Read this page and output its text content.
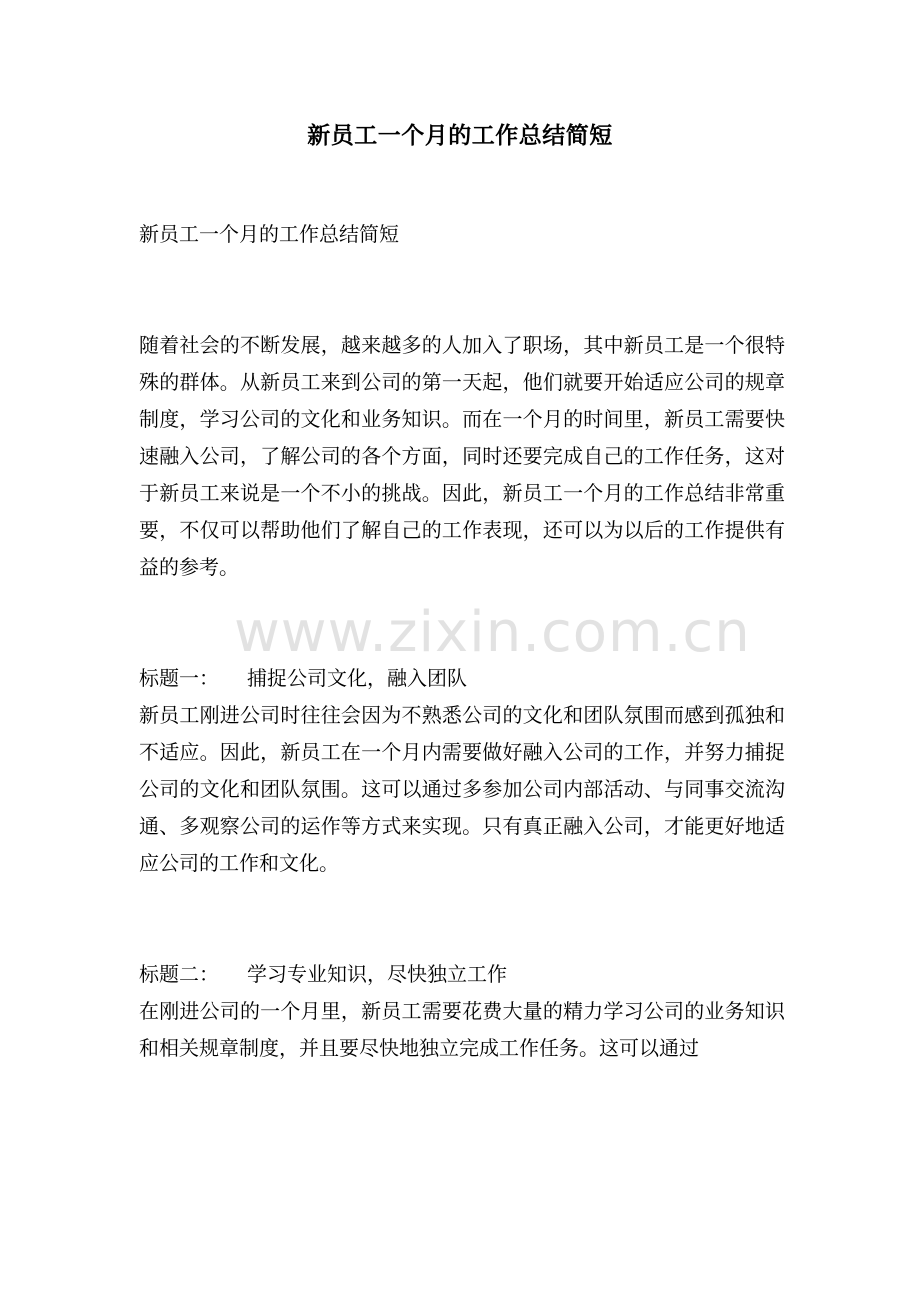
新员工一个月的工作总结简短

新员工一个月的工作总结简短

随着社会的不断发展，越来越多的人加入了职场，其中新员工是一个很特殊的群体。从新员工来到公司的第一天起，他们就要开始适应公司的规章制度，学习公司的文化和业务知识。而在一个月的时间里，新员工需要快速融入公司，了解公司的各个方面，同时还要完成自己的工作任务，这对于新员工来说是一个不小的挑战。因此，新员工一个月的工作总结非常重要，不仅可以帮助他们了解自己的工作表现，还可以为以后的工作提供有益的参考。

标题一： 捕捉公司文化，融入团队

新员工刚进公司时往往会因为不熟悉公司的文化和团队氛围而感到孤独和不适应。因此，新员工在一个月内需要做好融入公司的工作，并努力捕捉公司的文化和团队氛围。这可以通过多参加公司内部活动、与同事交流沟通、多观察公司的运作等方式来实现。只有真正融入公司，才能更好地适应公司的工作和文化。

标题二： 学习专业知识，尽快独立工作

在刚进公司的一个月里，新员工需要花费大量的精力学习公司的业务知识和相关规章制度，并且要尽快地独立完成工作任务。这可以通过

www.zixin.com.cn
